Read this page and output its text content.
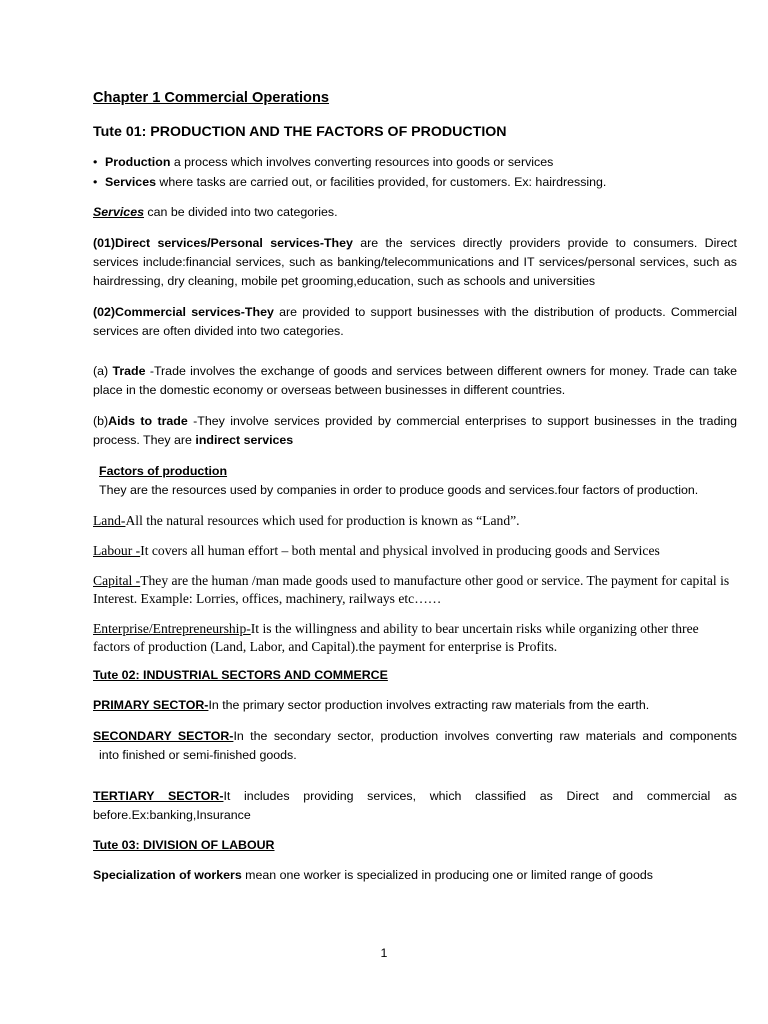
Chapter 1 Commercial Operations
Tute 01: PRODUCTION AND THE FACTORS OF PRODUCTION
• Production a process which involves converting resources into goods or services
• Services where tasks are carried out, or facilities provided, for customers. Ex: hairdressing.

Services can be divided into two categories.

(01)Direct services/Personal services-They are the services directly providers provide to consumers. Direct services include:financial services, such as banking/telecommunications and IT services/personal services, such as hairdressing, dry cleaning, mobile pet grooming,education, such as schools and universities

(02)Commercial services-They are provided to support businesses with the distribution of products. Commercial services are often divided into two categories.

(a) Trade -Trade involves the exchange of goods and services between different owners for money. Trade can take place in the domestic economy or overseas between businesses in different countries.

(b)Aids to trade -They involve services provided by commercial enterprises to support businesses in the trading process. They are indirect services

Factors of production
They are the resources used by companies in order to produce goods and services.four factors of production.

Land-All the natural resources which used for production is known as “Land”.

Labour -It covers all human effort – both mental and physical involved in producing goods and Services

Capital -They are the human /man made goods used to manufacture other good or service. The payment for capital is Interest. Example: Lorries, offices, machinery, railways etc……

Enterprise/Entrepreneurship-It is the willingness and ability to bear uncertain risks while organizing other three factors of production (Land, Labor, and Capital).the payment for enterprise is Profits.

Tute 02: INDUSTRIAL SECTORS AND COMMERCE

PRIMARY SECTOR-In the primary sector production involves extracting raw materials from the earth.

SECONDARY SECTOR-In the secondary sector, production involves converting raw materials and components

into finished or semi-finished goods.

TERTIARY SECTOR-It includes providing services, which classified as Direct and commercial as before.Ex:banking,Insurance

Tute 03: DIVISION OF LABOUR

Specialization of workers mean one worker is specialized in producing one or limited range of goods

1
